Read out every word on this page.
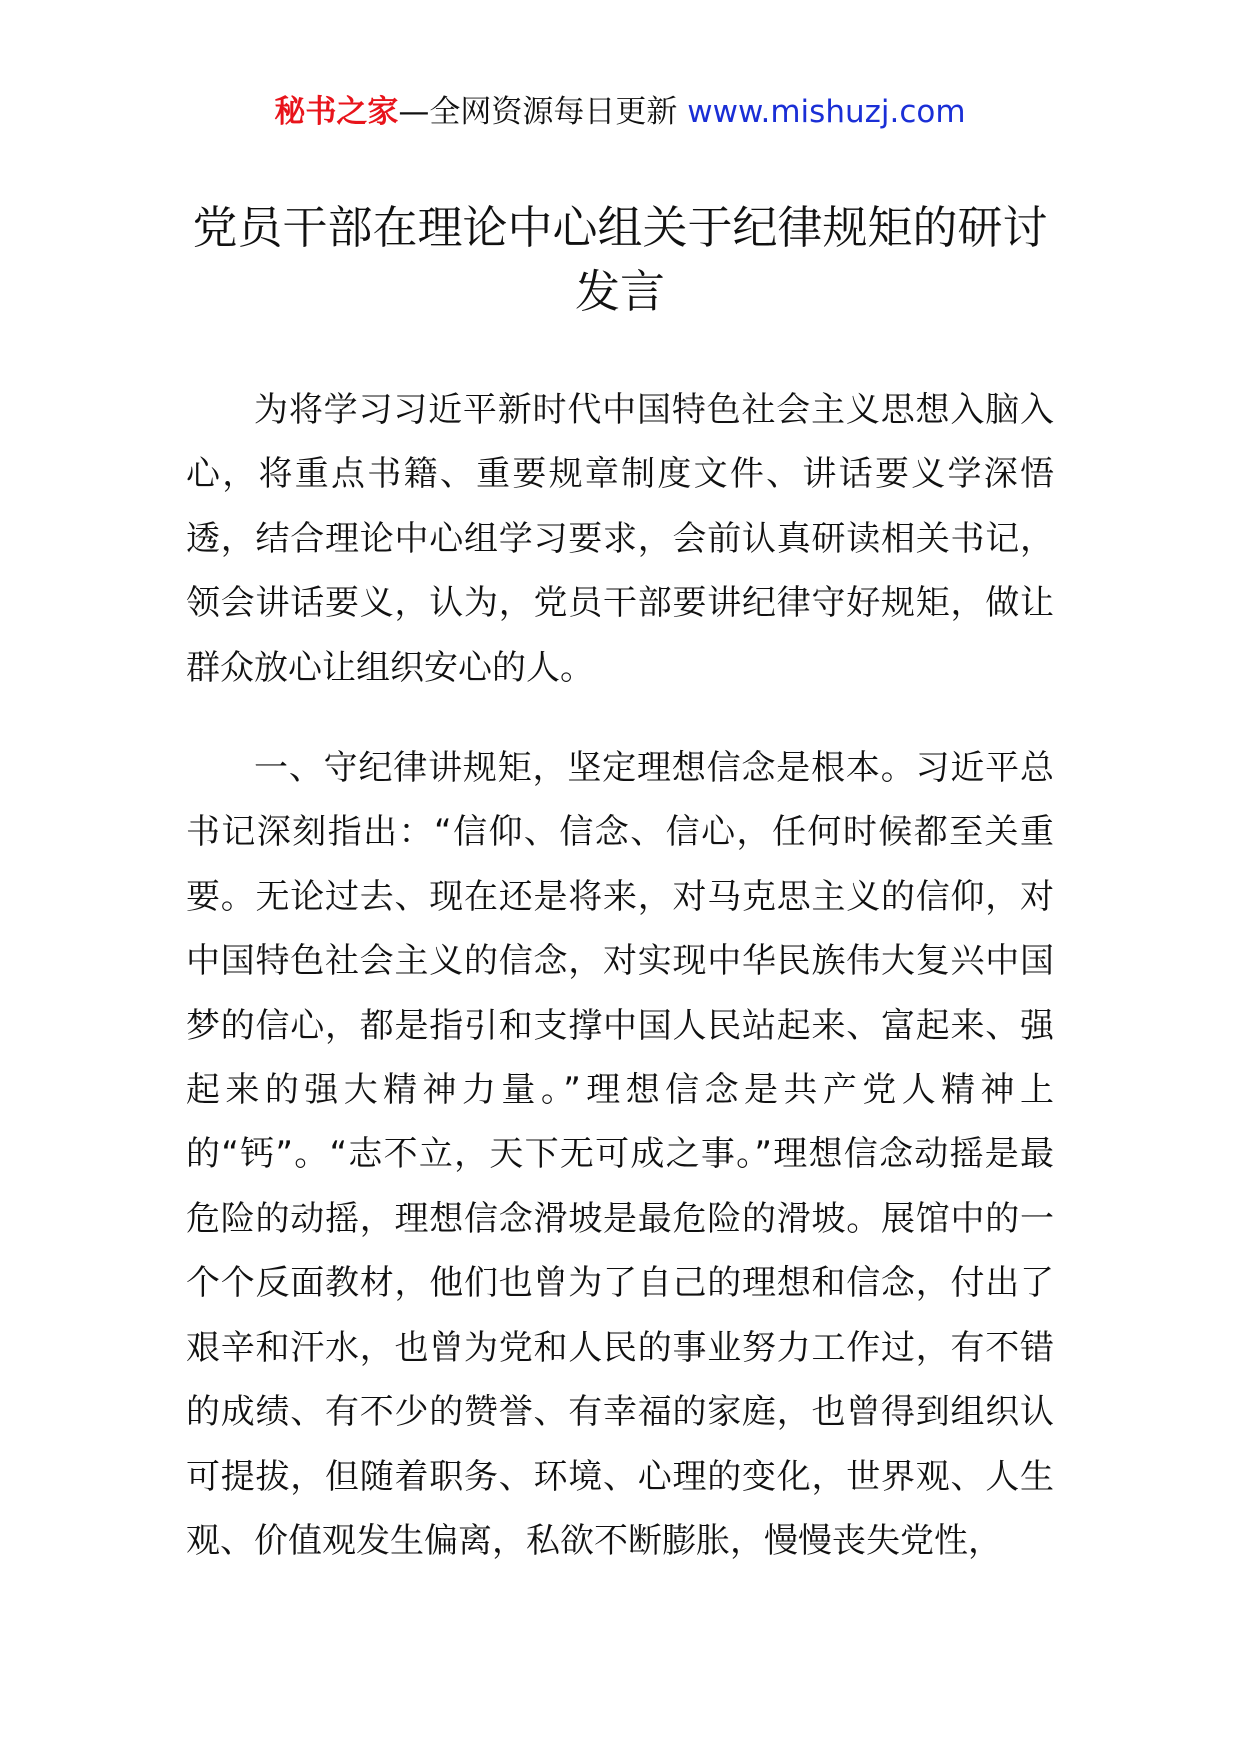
秘书之家—全网资源每日更新 www.mishuzj.com
党员干部在理论中心组关于纪律规矩的研讨发言

为将学习习近平新时代中国特色社会主义思想入脑入心，将重点书籍、重要规章制度文件、讲话要义学深悟透，结合理论中心组学习要求，会前认真研读相关书记，领会讲话要义，认为，党员干部要讲纪律守好规矩，做让群众放心让组织安心的人。

一、守纪律讲规矩，坚定理想信念是根本。习近平总书记深刻指出：“信仰、信念、信心，任何时候都至关重要。无论过去、现在还是将来，对马克思主义的信仰，对中国特色社会主义的信念，对实现中华民族伟大复兴中国梦的信心，都是指引和支撑中国人民站起来、富起来、强起来的强大精神力量。”理想信念是共产党人精神上的“钙”。“志不立，天下无可成之事。”理想信念动摇是最危险的动摇，理想信念滑坡是最危险的滑坡。展馆中的一个个反面教材，他们也曾为了自己的理想和信念，付出了艰辛和汗水，也曾为党和人民的事业努力工作过，有不错的成绩、有不少的赞誉、有幸福的家庭，也曾得到组织认可提拔，但随着职务、环境、心理的变化，世界观、人生观、价值观发生偏离，私欲不断膨胀，慢慢丧失党性，
